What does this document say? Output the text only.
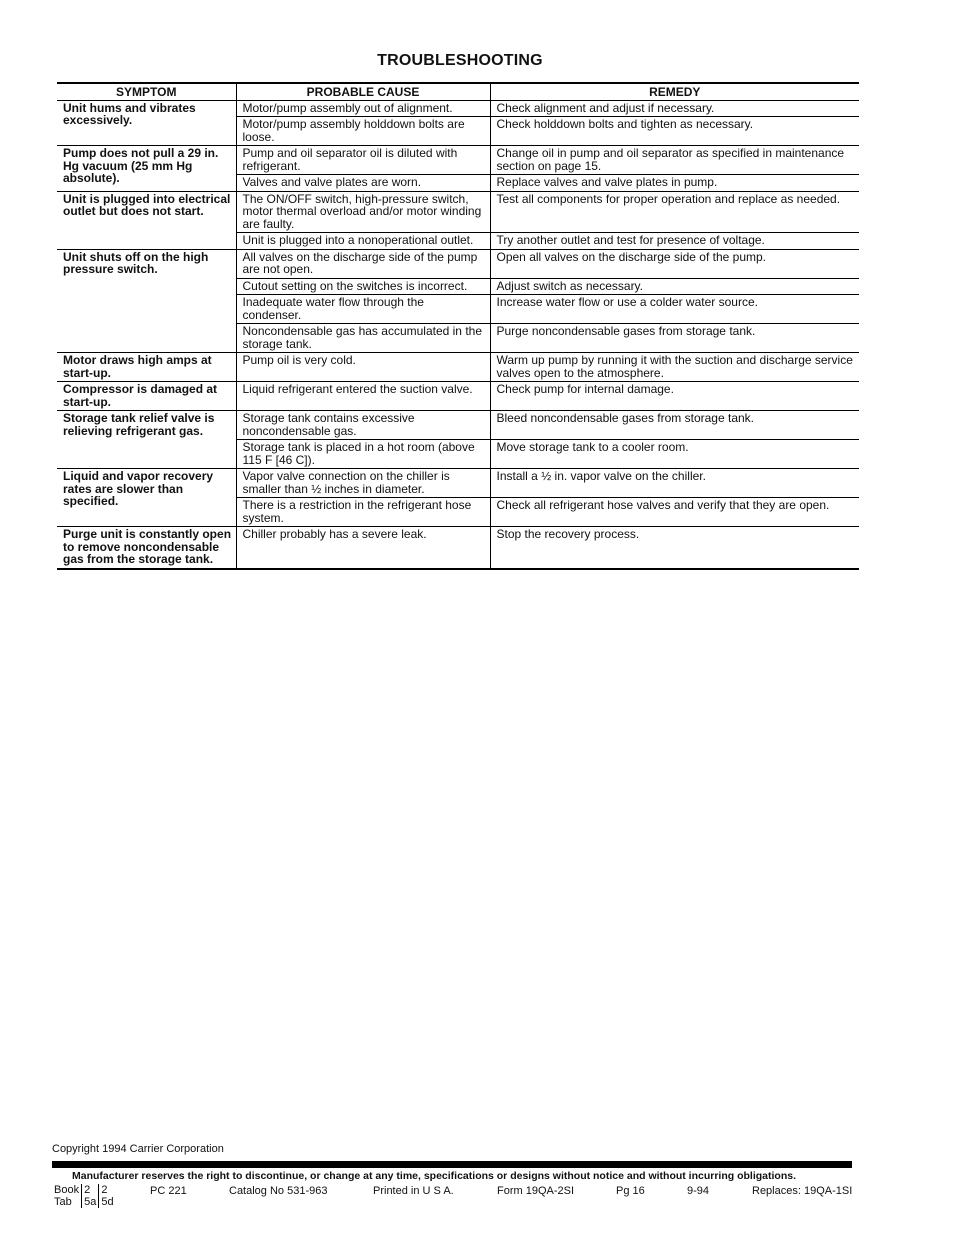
TROUBLESHOOTING
SYMPTOM	PROBABLE CAUSE	REMEDY
Unit hums and vibrates excessively.	Motor/pump assembly out of alignment.	Check alignment and adjust if necessary.
	Motor/pump assembly holddown bolts are loose.	Check holddown bolts and tighten as necessary.
Pump does not pull a 29 in. Hg vacuum (25 mm Hg absolute).	Pump and oil separator oil is diluted with refrigerant.	Change oil in pump and oil separator as specified in maintenance section on page 15.
	Valves and valve plates are worn.	Replace valves and valve plates in pump.
Unit is plugged into electrical outlet but does not start.	The ON/OFF switch, high-pressure switch, motor thermal overload and/or motor winding are faulty.	Test all components for proper operation and replace as needed.
	Unit is plugged into a nonoperational outlet.	Try another outlet and test for presence of voltage.
Unit shuts off on the high pressure switch.	All valves on the discharge side of the pump are not open.	Open all valves on the discharge side of the pump.
	Cutout setting on the switches is incorrect.	Adjust switch as necessary.
	Inadequate water flow through the condenser.	Increase water flow or use a colder water source.
	Noncondensable gas has accumulated in the storage tank.	Purge noncondensable gases from storage tank.
Motor draws high amps at start-up.	Pump oil is very cold.	Warm up pump by running it with the suction and discharge service valves open to the atmosphere.
Compressor is damaged at start-up.	Liquid refrigerant entered the suction valve.	Check pump for internal damage.
Storage tank relief valve is relieving refrigerant gas.	Storage tank contains excessive noncondensable gas.	Bleed noncondensable gases from storage tank.
	Storage tank is placed in a hot room (above 115 F [46 C]).	Move storage tank to a cooler room.
Liquid and vapor recovery rates are slower than specified.	Vapor valve connection on the chiller is smaller than ½ inches in diameter.	Install a ½ in. vapor valve on the chiller.
	There is a restriction in the refrigerant hose system.	Check all refrigerant hose valves and verify that they are open.
Purge unit is constantly open to remove noncondensable gas from the storage tank.	Chiller probably has a severe leak.	Stop the recovery process.
Copyright 1994 Carrier Corporation
Manufacturer reserves the right to discontinue, or change at any time, specifications or designs without notice and without incurring obligations.
Book	2	2
Tab	5a	5d
PC 221	Catalog No 531-963	Printed in U S A.	Form 19QA-2SI	Pg 16	9-94	Replaces: 19QA-1SI
